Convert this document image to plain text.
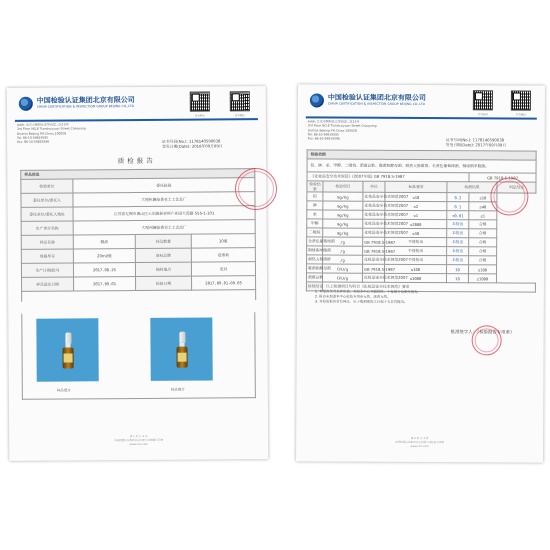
中国检验认证集团北京有限公司
CHINA CERTIFICATION & INSPECTION GROUP BEIJING CO.,LTD
官方网站	官方微信
Addr: 北京市朝阳区安华西里三区15号
3rd Floor NO.8 Tianshuiyuan Street Chaoyang
District Beijing P.R.China 100028
Tel: 86-10-59819595
Fax: 86-10-59819596	证书号码(No.): 1178140590038
签发日期(Date): 2016年09月09日
质检报告
样品信息			
检验单位	委托检验		
委托单位/委托人	大理州澜沧香老土工艺品厂		
委托单位/委托人地址	江苏省无锡市惠山区云东路新材料产业园大湾路 555-1-101		
生产单位名称	大理州澜沧香老土工艺品厂		
样品名称	精油	样品数量	10瓶
规格型号	20ml/瓶	商标品牌	爱香莉
生产日期/批号	2017.08.25	抽样地点	见封
样品送达日期	2017.09.01	检验日期	2017.09.01-09.05

样品照片	样品照片
第 1 页 共 2 页
中国检验认证集团北京有限公司检验专用章
www.ccic.com
中国检验认证集团北京有限公司
CHINA CERTIFICATION & INSPECTION GROUP BEIJING CO.,LTD
官方网站	官方微信
Addr: 北京市朝阳区安华西里三区15号
3rd Floor NO.8 Tianshuiyuan Street Chaoyang
District Beijing P.R.China 100028
Tel: 86-10-59819595
Fax: 86-10-59819596	证书号码(No.): 1178140590038
签发日期(Date): 2017年09月09日
检验依据						
铅、砷、汞、甲醇、二噁烷、菌落总数、霉菌和酵母菌、耐热大肠菌群、金黄色葡萄球菌、铜绿假单胞菌。						
《化妆品安全技术规范》(2007年版) GB 7918.5-1987					GB 7918.5-1987	
检验结果	检验项目	单位	标准要求	检测结果		判定结论
铅	mg/kg	化妆品安全技术规范2007	≤10	0.2	≤10	
砷	mg/kg	化妆品安全技术规范2007	≤2	0.1	≤40	
汞	mg/kg	化妆品安全技术规范2007	≤1	<0.01	≤1	
甲醇	mg/kg	化妆品安全技术规范2007	≤2000	未检出	合格	
二噁烷	mg/kg	化妆品安全技术规范2007	≤30	未检出	合格	
金黄色葡萄球菌	/g	GB 7918.5-1987	不得检出	未检出	合格	
铜绿假单胞菌	/g	GB 7918.5-1987	不得检出	未检出	合格	
耐热大肠菌群	/g	化妆品安全技术规范2007	不得检出	未检出	合格	
霉菌和酵母菌	CFU/g	GB 7918.5-1987	≤100	10	≤100	
菌落总数	CFU/g	化妆品安全技术规范2007	≤1000	10	≤1000	
检验结论	以上检测项目均符合《化妆品安全技术规范》要求					
1. 本报告仅对来样负责，未经本中心书面批准，不得部分复制本报告。
2. 报告未加盖本中心检验专用章无效，涂改无效。
3. 对检验报告若有异议，应于收到报告之日起十五日内提出。
批准签字人：（检验报告专用章）
第 2 页 共 2 页
中国检验认证集团北京有限公司检验专用章
www.ccic.com
